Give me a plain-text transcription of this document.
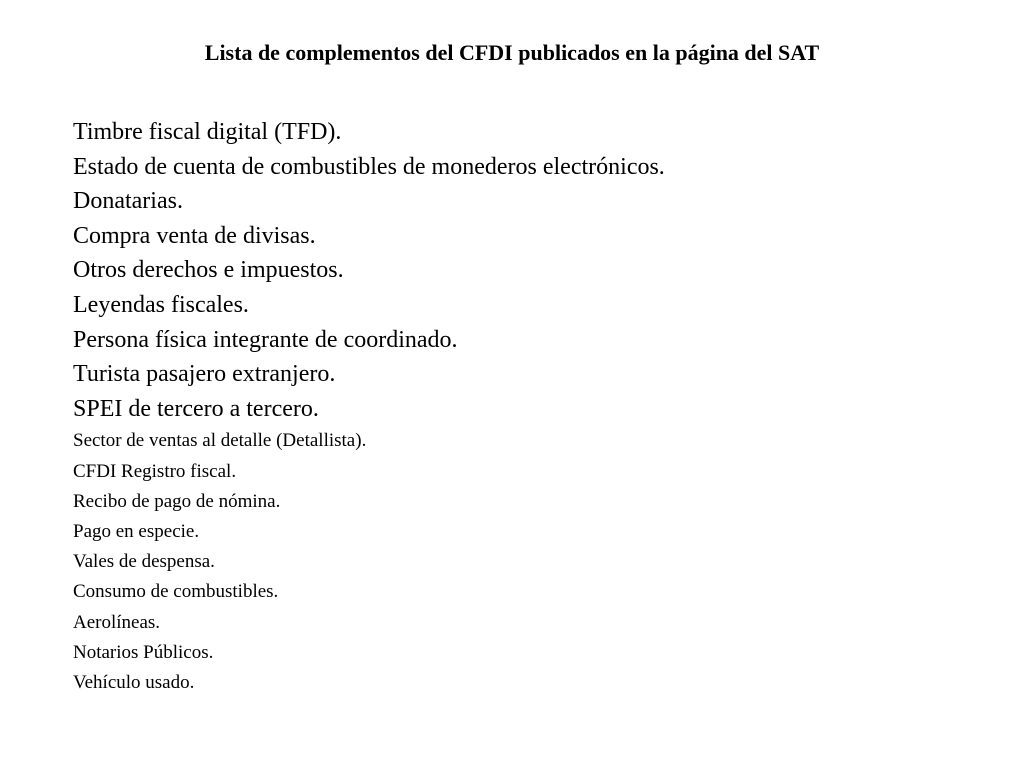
Lista de complementos del CFDI publicados en la página del SAT
Timbre fiscal digital (TFD).
Estado de cuenta de combustibles de monederos electrónicos.
Donatarias.
Compra venta de divisas.
Otros derechos e impuestos.
Leyendas fiscales.
Persona física integrante de coordinado.
Turista pasajero extranjero.
SPEI de tercero a tercero.
Sector de ventas al detalle (Detallista).
CFDI Registro fiscal.
Recibo de pago de nómina.
Pago en especie.
Vales de despensa.
Consumo de combustibles.
Aerolíneas.
Notarios Públicos.
Vehículo usado.
